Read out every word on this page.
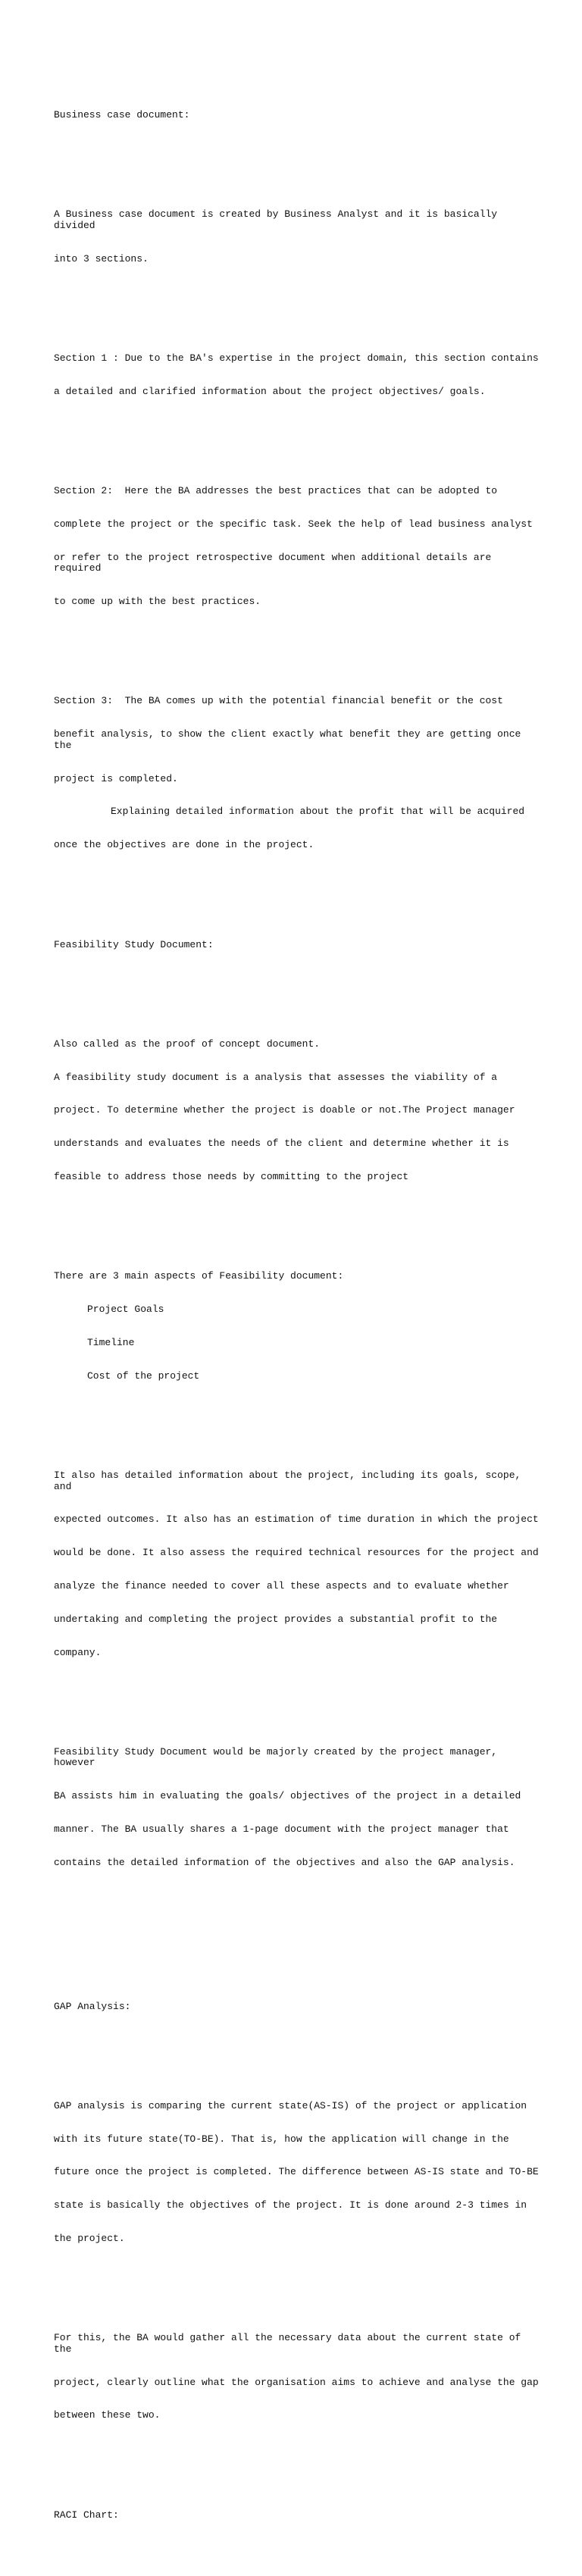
Business case document:

A Business case document is created by Business Analyst and it is basically divided

into 3 sections.

Section 1 : Due to the BA's expertise in the project domain, this section contains

a detailed and clarified information about the project objectives/ goals.

Section 2:  Here the BA addresses the best practices that can be adopted to

complete the project or the specific task. Seek the help of lead business analyst

or refer to the project retrospective document when additional details are required

to come up with the best practices.

Section 3:  The BA comes up with the potential financial benefit or the cost

benefit analysis, to show the client exactly what benefit they are getting once the

project is completed.

Explaining detailed information about the profit that will be acquired

once the objectives are done in the project.

Feasibility Study Document:

Also called as the proof of concept document.

A feasibility study document is a analysis that assesses the viability of a

project. To determine whether the project is doable or not.The Project manager

understands and evaluates the needs of the client and determine whether it is

feasible to address those needs by committing to the project

There are 3 main aspects of Feasibility document:

Project Goals

Timeline

Cost of the project

It also has detailed information about the project, including its goals, scope, and

expected outcomes. It also has an estimation of time duration in which the project

would be done. It also assess the required technical resources for the project and

analyze the finance needed to cover all these aspects and to evaluate whether

undertaking and completing the project provides a substantial profit to the

company.

Feasibility Study Document would be majorly created by the project manager, however

BA assists him in evaluating the goals/ objectives of the project in a detailed

manner. The BA usually shares a 1-page document with the project manager that

contains the detailed information of the objectives and also the GAP analysis.

GAP Analysis:

GAP analysis is comparing the current state(AS-IS) of the project or application

with its future state(TO-BE). That is, how the application will change in the

future once the project is completed. The difference between AS-IS state and TO-BE

state is basically the objectives of the project. It is done around 2-3 times in

the project.

For this, the BA would gather all the necessary data about the current state of the

project, clearly outline what the organisation aims to achieve and analyse the gap

between these two.

RACI Chart:
